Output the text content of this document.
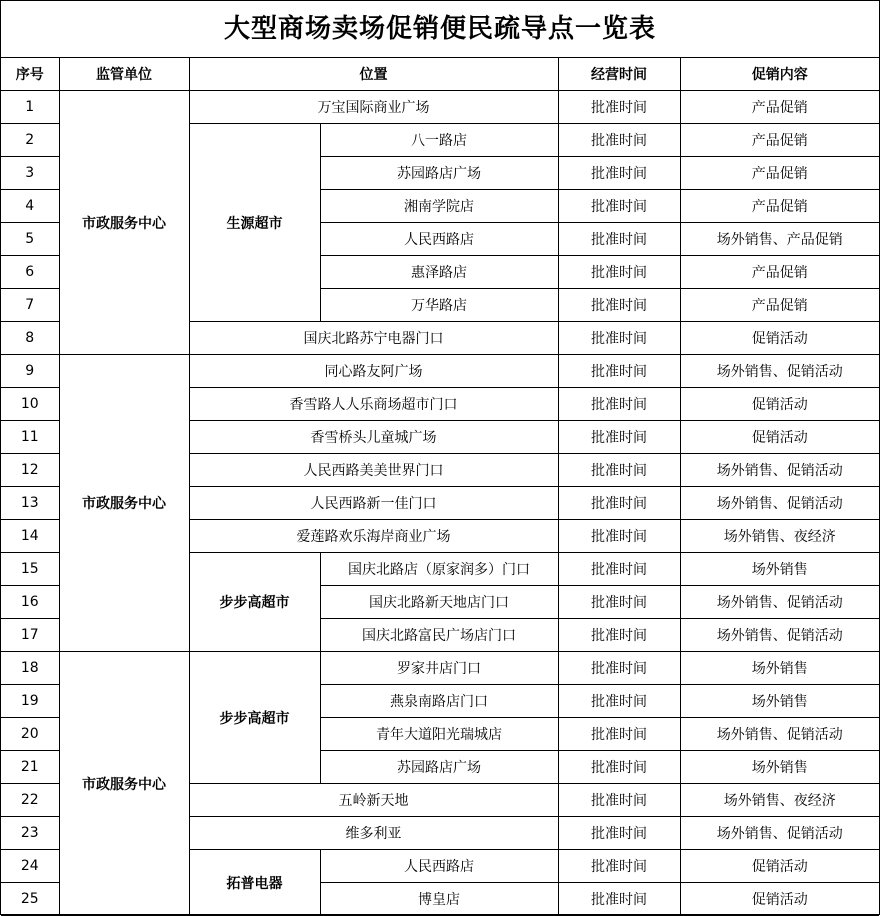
大型商场卖场促销便民疏导点一览表
序号	监管单位	位置		经营时间	促销内容
1	市政服务中心	万宝国际商业广场		批准时间	产品促销
2		生源超市	八一路店	批准时间	产品促销
3			苏园路店广场	批准时间	产品促销
4			湘南学院店	批准时间	产品促销
5			人民西路店	批准时间	场外销售、产品促销
6			惠泽路店	批准时间	产品促销
7			万华路店	批准时间	产品促销
8		国庆北路苏宁电器门口		批准时间	促销活动
9	市政服务中心	同心路友阿广场		批准时间	场外销售、促销活动
10		香雪路人人乐商场超市门口		批准时间	促销活动
11		香雪桥头儿童城广场		批准时间	促销活动
12		人民西路美美世界门口		批准时间	场外销售、促销活动
13		人民西路新一佳门口		批准时间	场外销售、促销活动
14		爱莲路欢乐海岸商业广场		批准时间	场外销售、夜经济
15		步步高超市	国庆北路店（原家润多）门口	批准时间	场外销售
16			国庆北路新天地店门口	批准时间	场外销售、促销活动
17			国庆北路富民广场店门口	批准时间	场外销售、促销活动
18	市政服务中心	步步高超市	罗家井店门口	批准时间	场外销售
19			燕泉南路店门口	批准时间	场外销售
20			青年大道阳光瑞城店	批准时间	场外销售、促销活动
21			苏园路店广场	批准时间	场外销售
22		五岭新天地		批准时间	场外销售、夜经济
23		维多利亚		批准时间	场外销售、促销活动
24		拓普电器	人民西路店	批准时间	促销活动
25			博皇店	批准时间	促销活动
